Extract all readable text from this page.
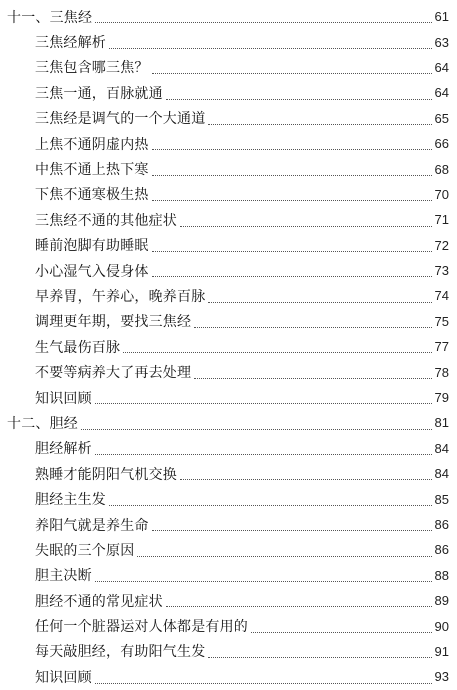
十一、三焦经	61
三焦经解析	63
三焦包含哪三焦？	64
三焦一通，百脉就通	64
三焦经是调气的一个大通道	65
上焦不通阴虚内热	66
中焦不通上热下寒	68
下焦不通寒极生热	70
三焦经不通的其他症状	71
睡前泡脚有助睡眠	72
小心湿气入侵身体	73
早养胃，午养心，晚养百脉	74
调理更年期，要找三焦经	75
生气最伤百脉	77
不要等病养大了再去处理	78
知识回顾	79
十二、胆经	81
胆经解析	84
熟睡才能阴阳气机交换	84
胆经主生发	85
养阳气就是养生命	86
失眠的三个原因	86
胆主决断	88
胆经不通的常见症状	89
任何一个脏器运对人体都是有用的	90
每天敲胆经，有助阳气生发	91
知识回顾	93
